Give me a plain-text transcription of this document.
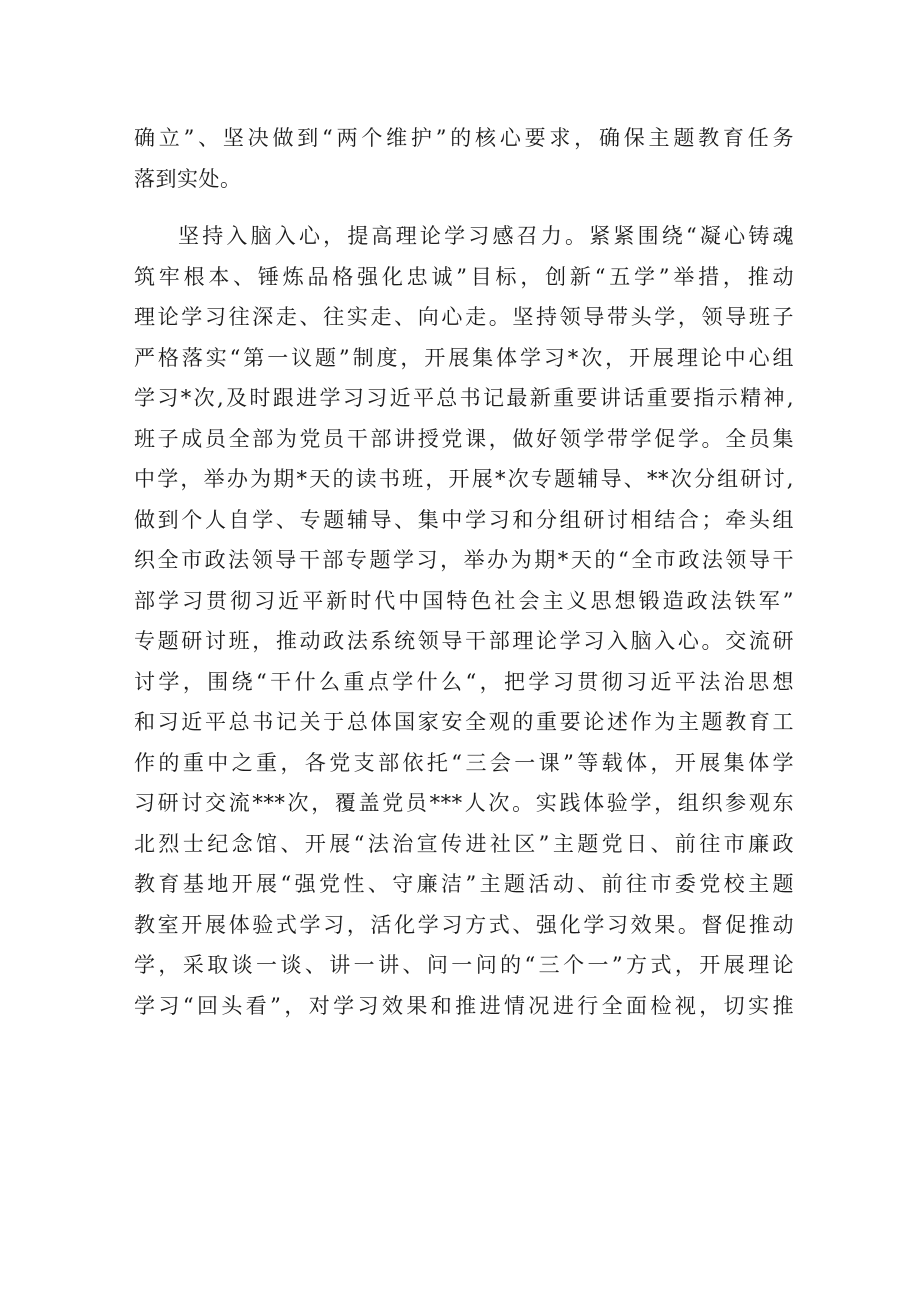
确立”、坚决做到“两个维护”的核心要求，确保主题教育任务
落到实处。
坚持入脑入心，提高理论学习感召力。紧紧围绕“凝心铸魂
筑牢根本、锤炼品格强化忠诚”目标，创新“五学”举措，推动
理论学习往深走、往实走、向心走。坚持领导带头学，领导班子
严格落实“第一议题”制度，开展集体学习*次，开展理论中心组
学习*次,及时跟进学习习近平总书记最新重要讲话重要指示精神,
班子成员全部为党员干部讲授党课，做好领学带学促学。全员集
中学，举办为期*天的读书班，开展*次专题辅导、**次分组研讨,
做到个人自学、专题辅导、集中学习和分组研讨相结合；牵头组
织全市政法领导干部专题学习，举办为期*天的“全市政法领导干
部学习贯彻习近平新时代中国特色社会主义思想锻造政法铁军”
专题研讨班，推动政法系统领导干部理论学习入脑入心。交流研
讨学，围绕“干什么重点学什么“，把学习贯彻习近平法治思想
和习近平总书记关于总体国家安全观的重要论述作为主题教育工
作的重中之重，各党支部依托“三会一课”等载体，开展集体学
习研讨交流***次，覆盖党员***人次。实践体验学，组织参观东
北烈士纪念馆、开展“法治宣传进社区”主题党日、前往市廉政
教育基地开展“强党性、守廉洁”主题活动、前往市委党校主题
教室开展体验式学习，活化学习方式、强化学习效果。督促推动
学，采取谈一谈、讲一讲、问一问的“三个一”方式，开展理论
学习“回头看”，对学习效果和推进情况进行全面检视，切实推
